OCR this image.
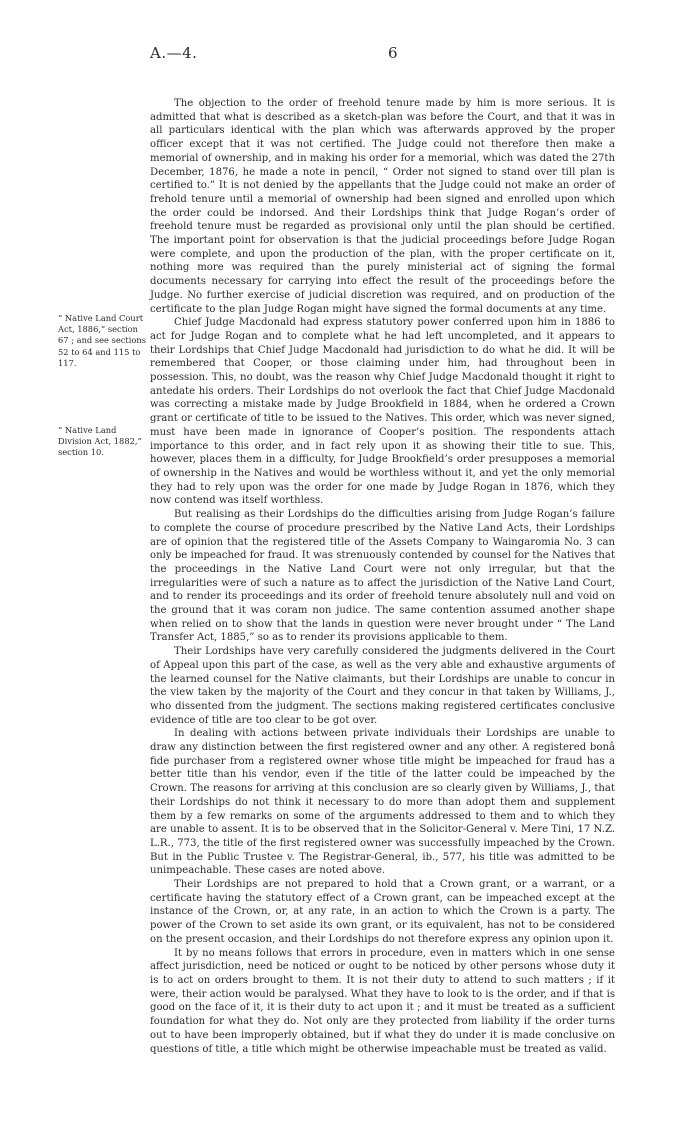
A.—4.	6
“ Native Land Court Act, 1886,” section 67 ; and see sections 52 to 64 and 115 to 117.
“ Native Land Division Act, 1882,” section 10.

The objection to the order of freehold tenure made by him is more serious. It is admitted that what is described as a sketch-plan was before the Court, and that it was in all particulars identical with the plan which was afterwards approved by the proper officer except that it was not certified. The Judge could not therefore then make a memorial of ownership, and in making his order for a memorial, which was dated the 27th December, 1876, he made a note in pencil, “ Order not signed to stand over till plan is certified to.” It is not denied by the appellants that the Judge could not make an order of frehold tenure until a memorial of ownership had been signed and enrolled upon which the order could be indorsed. And their Lordships think that Judge Rogan’s order of freehold tenure must be regarded as provisional only until the plan should be certified. The important point for observation is that the judicial proceedings before Judge Rogan were complete, and upon the production of the plan, with the proper certificate on it, nothing more was required than the purely ministerial act of signing the formal documents necessary for carrying into effect the result of the proceedings before the Judge. No further exercise of judicial discretion was required, and on production of the certificate to the plan Judge Rogan might have signed the formal documents at any time.

Chief Judge Macdonald had express statutory power conferred upon him in 1886 to act for Judge Rogan and to complete what he had left uncompleted, and it appears to their Lordships that Chief Judge Macdonald had jurisdiction to do what he did. It will be remembered that Cooper, or those claiming under him, had throughout been in possession. This, no doubt, was the reason why Chief Judge Macdonald thought it right to antedate his orders. Their Lordships do not overlook the fact that Chief Judge Macdonald was correcting a mistake made by Judge Brookfield in 1884, when he ordered a Crown grant or certificate of title to be issued to the Natives. This order, which was never signed, must have been made in ignorance of Cooper’s position. The respondents attach importance to this order, and in fact rely upon it as showing their title to sue. This, however, places them in a difficulty, for Judge Brookfield’s order presupposes a memorial of ownership in the Natives and would be worthless without it, and yet the only memorial they had to rely upon was the order for one made by Judge Rogan in 1876, which they now contend was itself worthless.

But realising as their Lordships do the difficulties arising from Judge Rogan’s failure to complete the course of procedure prescribed by the Native Land Acts, their Lordships are of opinion that the registered title of the Assets Company to Waingaromia No. 3 can only be impeached for fraud. It was strenuously contended by counsel for the Natives that the proceedings in the Native Land Court were not only irregular, but that the irregularities were of such a nature as to affect the jurisdiction of the Native Land Court, and to render its proceedings and its order of freehold tenure absolutely null and void on the ground that it was coram non judice. The same contention assumed another shape when relied on to show that the lands in question were never brought under “ The Land Transfer Act, 1885,” so as to render its provisions applicable to them.

Their Lordships have very carefully considered the judgments delivered in the Court of Appeal upon this part of the case, as well as the very able and exhaustive arguments of the learned counsel for the Native claimants, but their Lordships are unable to concur in the view taken by the majority of the Court and they concur in that taken by Williams, J., who dissented from the judgment. The sections making registered certificates conclusive evidence of title are too clear to be got over.

In dealing with actions between private individuals their Lordships are unable to draw any distinction between the first registered owner and any other. A registered bonâ fide purchaser from a registered owner whose title might be impeached for fraud has a better title than his vendor, even if the title of the latter could be impeached by the Crown. The reasons for arriving at this conclusion are so clearly given by Williams, J., that their Lordships do not think it necessary to do more than adopt them and supplement them by a few remarks on some of the arguments addressed to them and to which they are unable to assent. It is to be observed that in the Solicitor-General v. Mere Tini, 17 N.Z. L.R., 773, the title of the first registered owner was successfully impeached by the Crown. But in the Public Trustee v. The Registrar-General, ib., 577, his title was admitted to be unimpeachable. These cases are noted above.

Their Lordships are not prepared to hold that a Crown grant, or a warrant, or a certificate having the statutory effect of a Crown grant, can be impeached except at the instance of the Crown, or, at any rate, in an action to which the Crown is a party. The power of the Crown to set aside its own grant, or its equivalent, has not to be considered on the present occasion, and their Lordships do not therefore express any opinion upon it.

It by no means follows that errors in procedure, even in matters which in one sense affect jurisdiction, need be noticed or ought to be noticed by other persons whose duty it is to act on orders brought to them. It is not their duty to attend to such matters ; if it were, their action would be paralysed. What they have to look to is the order, and if that is good on the face of it, it is their duty to act upon it ; and it must be treated as a sufficient foundation for what they do. Not only are they protected from liability if the order turns out to have been improperly obtained, but if what they do under it is made conclusive on questions of title, a title which might be otherwise impeachable must be treated as valid.
